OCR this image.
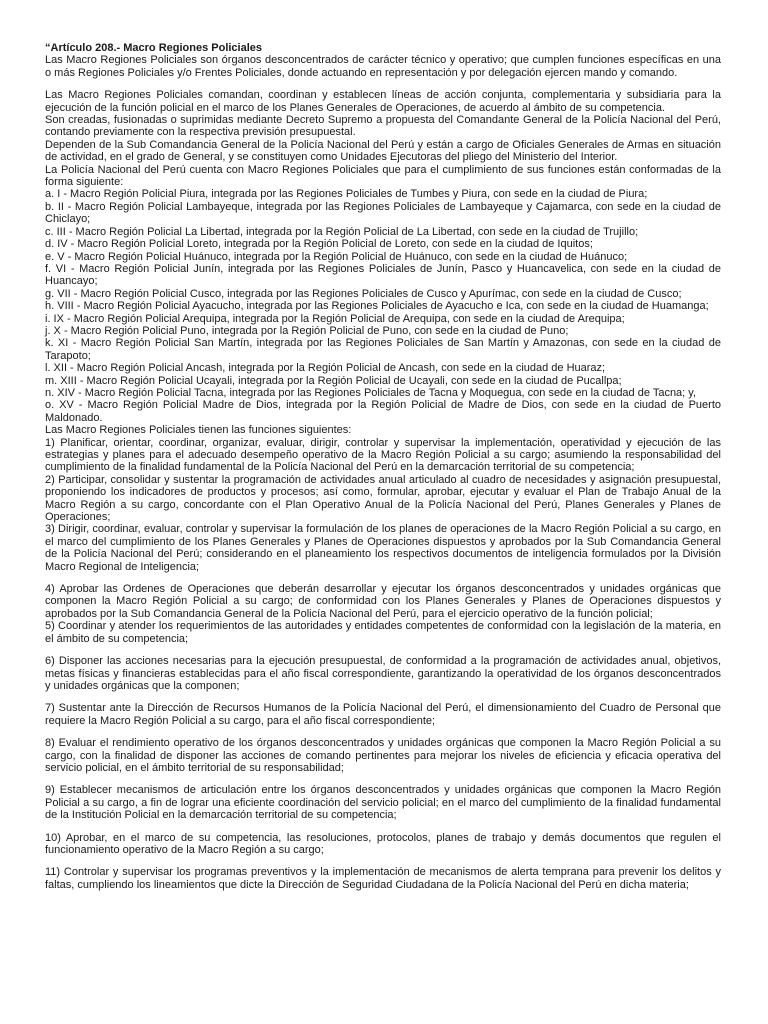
“Artículo 208.- Macro Regiones Policiales

Las Macro Regiones Policiales son órganos desconcentrados de carácter técnico y operativo; que cumplen funciones específicas en una o más Regiones Policiales y/o Frentes Policiales, donde actuando en representación y por delegación ejercen mando y comando.

Las Macro Regiones Policiales comandan, coordinan y establecen líneas de acción conjunta, complementaria y subsidiaria para la ejecución de la función policial en el marco de los Planes Generales de Operaciones, de acuerdo al ámbito de su competencia.

Son creadas, fusionadas o suprimidas mediante Decreto Supremo a propuesta del Comandante General de la Policía Nacional del Perú, contando previamente con la respectiva previsión presupuestal.

Dependen de la Sub Comandancia General de la Policía Nacional del Perú y están a cargo de Oficiales Generales de Armas en situación de actividad, en el grado de General, y se constituyen como Unidades Ejecutoras del pliego del Ministerio del Interior.

La Policía Nacional del Perú cuenta con Macro Regiones Policiales que para el cumplimiento de sus funciones están conformadas de la forma siguiente:

a. I - Macro Región Policial Piura, integrada por las Regiones Policiales de Tumbes y Piura, con sede en la ciudad de Piura;

b. II - Macro Región Policial Lambayeque, integrada por las Regiones Policiales de Lambayeque y Cajamarca, con sede en la ciudad de Chiclayo;

c. III - Macro Región Policial La Libertad, integrada por la Región Policial de La Libertad, con sede en la ciudad de Trujillo;

d. IV - Macro Región Policial Loreto, integrada por la Región Policial de Loreto, con sede en la ciudad de Iquitos;

e. V - Macro Región Policial Huánuco, integrada por la Región Policial de Huánuco, con sede en la ciudad de Huánuco;

f. VI - Macro Región Policial Junín, integrada por las Regiones Policiales de Junín, Pasco y Huancavelica, con sede en la ciudad de Huancayo;

g. VII - Macro Región Policial Cusco, integrada por las Regiones Policiales de Cusco y Apurímac, con sede en la ciudad de Cusco;

h. VIII - Macro Región Policial Ayacucho, integrada por las Regiones Policiales de Ayacucho e Ica, con sede en la ciudad de Huamanga;

i. IX - Macro Región Policial Arequipa, integrada por la Región Policial de Arequipa, con sede en la ciudad de Arequipa;

j. X - Macro Región Policial Puno, integrada por la Región Policial de Puno, con sede en la ciudad de Puno;

k. XI - Macro Región Policial San Martín, integrada por las Regiones Policiales de San Martín y Amazonas, con sede en la ciudad de Tarapoto;

l. XII - Macro Región Policial Ancash, integrada por la Región Policial de Ancash, con sede en la ciudad de Huaraz;

m. XIII - Macro Región Policial Ucayali, integrada por la Región Policial de Ucayali, con sede en la ciudad de Pucallpa;

n. XIV - Macro Región Policial Tacna, integrada por las Regiones Policiales de Tacna y Moquegua, con sede en la ciudad de Tacna; y,

o. XV - Macro Región Policial Madre de Dios, integrada por la Región Policial de Madre de Dios, con sede en la ciudad de Puerto Maldonado.

Las Macro Regiones Policiales tienen las funciones siguientes:

1) Planificar, orientar, coordinar, organizar, evaluar, dirigir, controlar y supervisar la implementación, operatividad y ejecución de las estrategias y planes para el adecuado desempeño operativo de la Macro Región Policial a su cargo; asumiendo la responsabilidad del cumplimiento de la finalidad fundamental de la Policía Nacional del Perú en la demarcación territorial de su competencia;

2) Participar, consolidar y sustentar la programación de actividades anual articulado al cuadro de necesidades y asignación presupuestal, proponiendo los indicadores de productos y procesos; así como, formular, aprobar, ejecutar y evaluar el Plan de Trabajo Anual de la Macro Región a su cargo, concordante con el Plan Operativo Anual de la Policía Nacional del Perú, Planes Generales y Planes de Operaciones;

3) Dirigir, coordinar, evaluar, controlar y supervisar la formulación de los planes de operaciones de la Macro Región Policial a su cargo, en el marco del cumplimiento de los Planes Generales y Planes de Operaciones dispuestos y aprobados por la Sub Comandancia General de la Policía Nacional del Perú; considerando en el planeamiento los respectivos documentos de inteligencia formulados por la División Macro Regional de Inteligencia;

4) Aprobar las Ordenes de Operaciones que deberán desarrollar y ejecutar los órganos desconcentrados y unidades orgánicas que componen la Macro Región Policial a su cargo; de conformidad con los Planes Generales y Planes de Operaciones dispuestos y aprobados por la Sub Comandancia General de la Policía Nacional del Perú, para el ejercicio operativo de la función policial;

5) Coordinar y atender los requerimientos de las autoridades y entidades competentes de conformidad con la legislación de la materia, en el ámbito de su competencia;

6) Disponer las acciones necesarias para la ejecución presupuestal, de conformidad a la programación de actividades anual, objetivos, metas físicas y financieras establecidas para el año fiscal correspondiente, garantizando la operatividad de los órganos desconcentrados y unidades orgánicas que la componen;

7) Sustentar ante la Dirección de Recursos Humanos de la Policía Nacional del Perú, el dimensionamiento del Cuadro de Personal que requiere la Macro Región Policial a su cargo, para el año fiscal correspondiente;

8) Evaluar el rendimiento operativo de los órganos desconcentrados y unidades orgánicas que componen la Macro Región Policial a su cargo, con la finalidad de disponer las acciones de comando pertinentes para mejorar los niveles de eficiencia y eficacia operativa del servicio policial, en el ámbito territorial de su responsabilidad;

9) Establecer mecanismos de articulación entre los órganos desconcentrados y unidades orgánicas que componen la Macro Región Policial a su cargo, a fin de lograr una eficiente coordinación del servicio policial; en el marco del cumplimiento de la finalidad fundamental de la Institución Policial en la demarcación territorial de su competencia;

10) Aprobar, en el marco de su competencia, las resoluciones, protocolos, planes de trabajo y demás documentos que regulen el funcionamiento operativo de la Macro Región a su cargo;

11) Controlar y supervisar los programas preventivos y la implementación de mecanismos de alerta temprana para prevenir los delitos y faltas, cumpliendo los lineamientos que dicte la Dirección de Seguridad Ciudadana de la Policía Nacional del Perú en dicha materia;
